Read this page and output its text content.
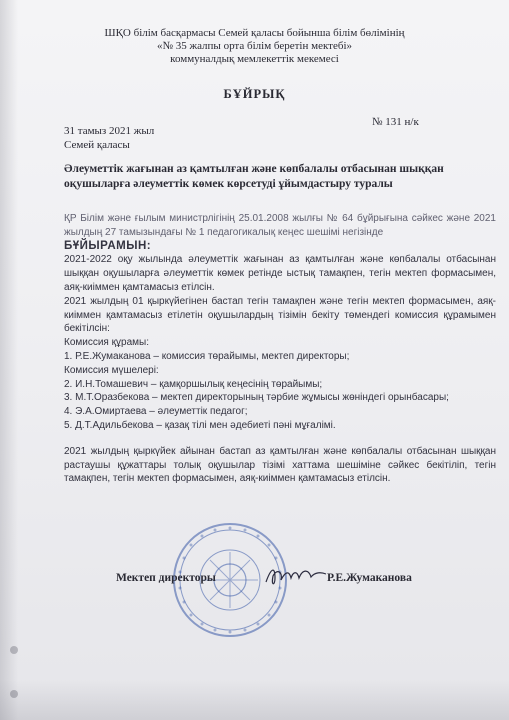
ШҚО білім басқармасы Семей қаласы бойынша білім бөлімінің
«№ 35 жалпы орта білім беретін мектебі»
коммуналдық мемлекеттік мекемесі
БҰЙРЫҚ
№ 131 н/к
31 тамыз 2021 жыл
Семей қаласы
Әлеуметтік жағынан аз қамтылған және көпбалалы отбасынан шыққан оқушыларға әлеуметтік көмек көрсетуді ұйымдастыру туралы

ҚР Білім және ғылым министрлігінің 25.01.2008 жылғы № 64 бұйрығына сәйкес және 2021 жылдың 27 тамызындағы № 1 педагогикалық кеңес шешімі негізінде

БҰЙЫРАМЫН:

2021-2022 оқу жылында әлеуметтік жағынан аз қамтылған және көпбалалы отбасынан шыққан оқушыларға әлеуметтік көмек ретінде ыстық тамақпен, тегін мектеп формасымен, аяқ-киіммен қамтамасыз етілсін.

2021 жылдың 01 қыркүйегінен бастап тегін тамақпен және тегін мектеп формасымен, аяқ-киіммен қамтамасыз етілетін оқушылардың тізімін бекіту төмендегі комиссия құрамымен бекітілсін:

Комиссия құрамы:

1. Р.Е.Жумаканова – комиссия төрайымы, мектеп директоры;

Комиссия мүшелері:

2. И.Н.Томашевич – қамқоршылық кеңесінің төрайымы;

3. М.Т.Оразбекова – мектеп директорының тәрбие жұмысы жөніндегі орынбасары;

4. Э.А.Омиртаева – әлеуметтік педагог;

5. Д.Т.Адильбекова – қазақ тілі мен әдебиеті пәні мұғалімі.

2021 жылдың қыркүйек айынан бастап аз қамтылған және көпбалалы отбасынан шыққан растаушы құжаттары толық оқушылар тізімі хаттама шешіміне сәйкес бекітіліп, тегін тамақпен, тегін мектеп формасымен, аяқ-киіммен қамтамасыз етілсін.

Мектеп директоры	Р.Е.Жумаканова
